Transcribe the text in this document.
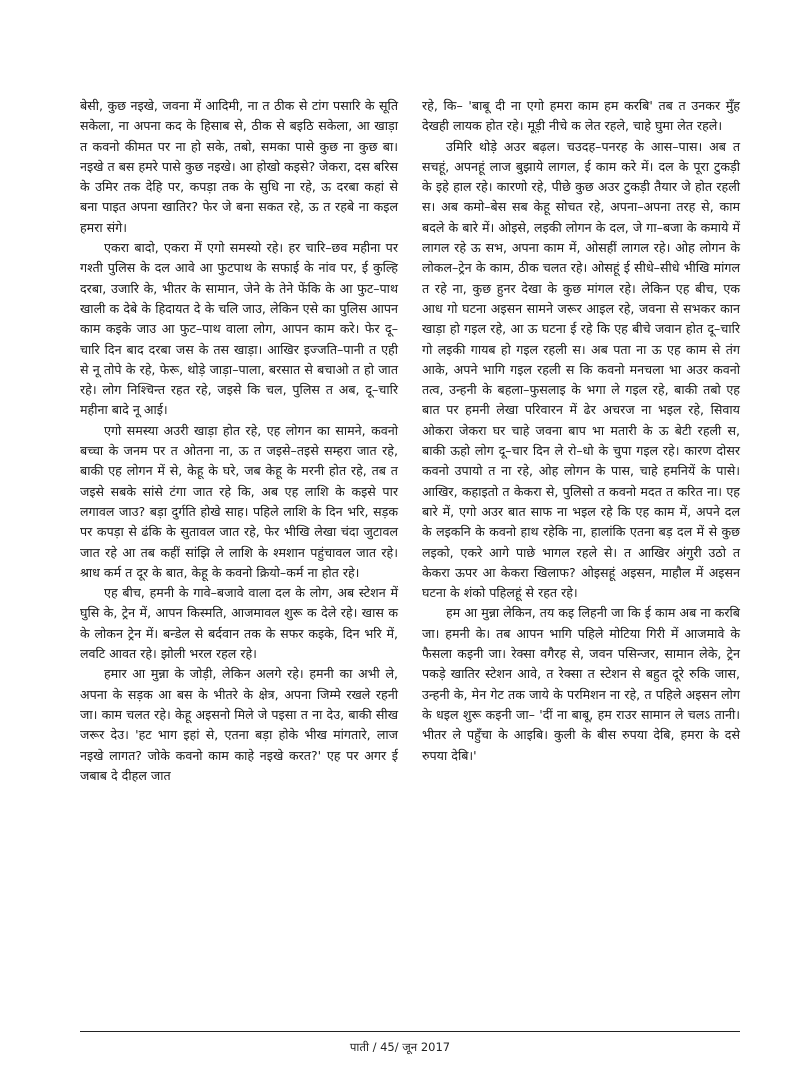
बेसी, कुछ नइखे, जवना में आदिमी, ना त ठीक से टांग पसारि के सूति सकेला, ना अपना कद के हिसाब से, ठीक से बइठि सकेला, आ खाड़ा त कवनो कीमत पर ना हो सके, तबो, समका पासे कुछ ना कुछ बा। नइखे त बस हमरे पासे कुछ नइखे। आ होखो कइसे? जेकरा, दस बरिस के उमिर तक देहि पर, कपड़ा तक के सुधि ना रहे, ऊ दरबा कहां से बना पाइत अपना खातिर? फेर जे बना सकत रहे, ऊ त रहबे ना कइल हमरा संगे।

एकरा बादो, एकरा में एगो समस्यो रहे। हर चारि–छव महीना पर गश्ती पुलिस के दल आवे आ फुटपाथ के सफाई के नांव पर, ई कुल्हि दरबा, उजारि के, भीतर के सामान, जेने के तेने फेंकि के आ फुट–पाथ खाली क देबे के हिदायत दे के चलि जाउ, लेकिन एसे का पुलिस आपन काम कइके जाउ आ फुट–पाथ वाला लोग, आपन काम करे। फेर दू–चारि दिन बाद दरबा जस के तस खाड़ा। आखिर इज्जति–पानी त एही से नू तोपे के रहे, फेरू, थोड़े जाड़ा–पाला, बरसात से बचाओ त हो जात रहे। लोग निश्चिन्त रहत रहे, जइसे कि चल, पुलिस त अब, दू–चारि महीना बादे नू आई।

एगो समस्या अउरी खाड़ा होत रहे, एह लोगन का सामने, कवनो बच्चा के जनम पर त ओतना ना, ऊ त जइसे–तइसे सम्हरा जात रहे, बाकी एह लोगन में से, केहू के घरे, जब केहू के मरनी होत रहे, तब त जइसे सबके सांसे टंगा जात रहे कि, अब एह लाशि के कइसे पार लगावल जाउ? बड़ा दुर्गति होखे साह। पहिले लाशि के दिन भरि, सड़क पर कपड़ा से ढंकि के सुतावल जात रहे, फेर भीखि लेखा चंदा जुटावल जात रहे आ तब कहीं सांझि ले लाशि के श्मशान पहुंचावल जात रहे। श्राध कर्म त दूर के बात, केहू के कवनो क्रियो–कर्म ना होत रहे।

एह बीच, हमनी के गावे–बजावे वाला दल के लोग, अब स्टेशन में घुसि के, ट्रेन में, आपन किस्मति, आजमावल शुरू क देले रहे। खास क के लोकन ट्रेन में। बन्डेल से बर्दवान तक के सफर कइके, दिन भरि में, लवटि आवत रहे। झोली भरल रहल रहे।

हमार आ मुन्ना के जोड़ी, लेकिन अलगे रहे। हमनी का अभी ले, अपना के सड़क आ बस के भीतरे के क्षेत्र, अपना जिम्मे रखले रहनी जा। काम चलत रहे। केहू अइसनो मिले जे पइसा त ना देउ, बाकी सीख जरूर देउ। 'हट भाग इहां से, एतना बड़ा होके भीख मांगतारे, लाज नइखे लागत? जोके कवनो काम काहे नइखे करत?' एह पर अगर ई जबाब दे दीहल जात

रहे, कि– 'बाबू दी ना एगो हमरा काम हम करबि' तब त उनकर मुँह देखही लायक होत रहे। मूड़ी नीचे क लेत रहले, चाहे घुमा लेत रहले।

उमिरि थोड़े अउर बढ़ल। चउदह–पनरह के आस–पास। अब त सचहूं, अपनहूं लाज बुझाये लागल, ई काम करे में। दल के पूरा टुकड़ी के इहे हाल रहे। कारणो रहे, पीछे कुछ अउर टुकड़ी तैयार जे होत रहली स। अब कमो–बेस सब केहू सोचत रहे, अपना–अपना तरह से, काम बदले के बारे में। ओइसे, लइकी लोगन के दल, जे गा–बजा के कमाये में लागल रहे ऊ सभ, अपना काम में, ओसहीं लागल रहे। ओह लोगन के लोकल–ट्रेन के काम, ठीक चलत रहे। ओसहूं ई सीधे–सीधे भीखि मांगल त रहे ना, कुछ हुनर देखा के कुछ मांगल रहे। लेकिन एह बीच, एक आध गो घटना अइसन सामने जरूर आइल रहे, जवना से सभकर कान खाड़ा हो गइल रहे, आ ऊ घटना ई रहे कि एह बीचे जवान होत दू–चारि गो लइकी गायब हो गइल रहली स। अब पता ना ऊ एह काम से तंग आके, अपने भागि गइल रहली स कि कवनो मनचला भा अउर कवनो तत्व, उन्हनी के बहला–फुसलाइ के भगा ले गइल रहे, बाकी तबो एह बात पर हमनी लेखा परिवारन में ढेर अचरज ना भइल रहे, सिवाय ओकरा जेकरा घर चाहे जवना बाप भा मतारी के ऊ बेटी रहली स, बाकी ऊहो लोग दू–चार दिन ले रो–धो के चुपा गइल रहे। कारण दोसर कवनो उपायो त ना रहे, ओह लोगन के पास, चाहे हमनियें के पासे। आखिर, कहाइतो त केकरा से, पुलिसो त कवनो मदत त करित ना। एह बारे में, एगो अउर बात साफ ना भइल रहे कि एह काम में, अपने दल के लइकनि के कवनो हाथ रहेकि ना, हालांकि एतना बड़ दल में से कुछ लइको, एकरे आगे पाछे भागल रहले से। त आखिर अंगुरी उठो त केकरा ऊपर आ केकरा खिलाफ? ओइसहूं अइसन, माहौल में अइसन घटना के शंको पहिलहूं से रहत रहे।

हम आ मुन्ना लेकिन, तय कइ लिहनी जा कि ई काम अब ना करबि जा। हमनी के। तब आपन भागि पहिले मोटिया गिरी में आजमावे के फैसला कइनी जा। रेक्सा वगैरह से, जवन पसिन्जर, सामान लेके, ट्रेन पकड़े खातिर स्टेशन आवे, त रेक्सा त स्टेशन से बहुत दूरे रुकि जास, उन्हनी के, मेन गेट तक जाये के परमिशन ना रहे, त पहिले अइसन लोग के धइल शुरू कइनी जा– 'दीं ना बाबू, हम राउर सामान ले चलऽ तानी। भीतर ले पहुँचा के आइबि। कुली के बीस रुपया देबि, हमरा के दसे रुपया देबि।'

पाती / 45/ जून 2017
